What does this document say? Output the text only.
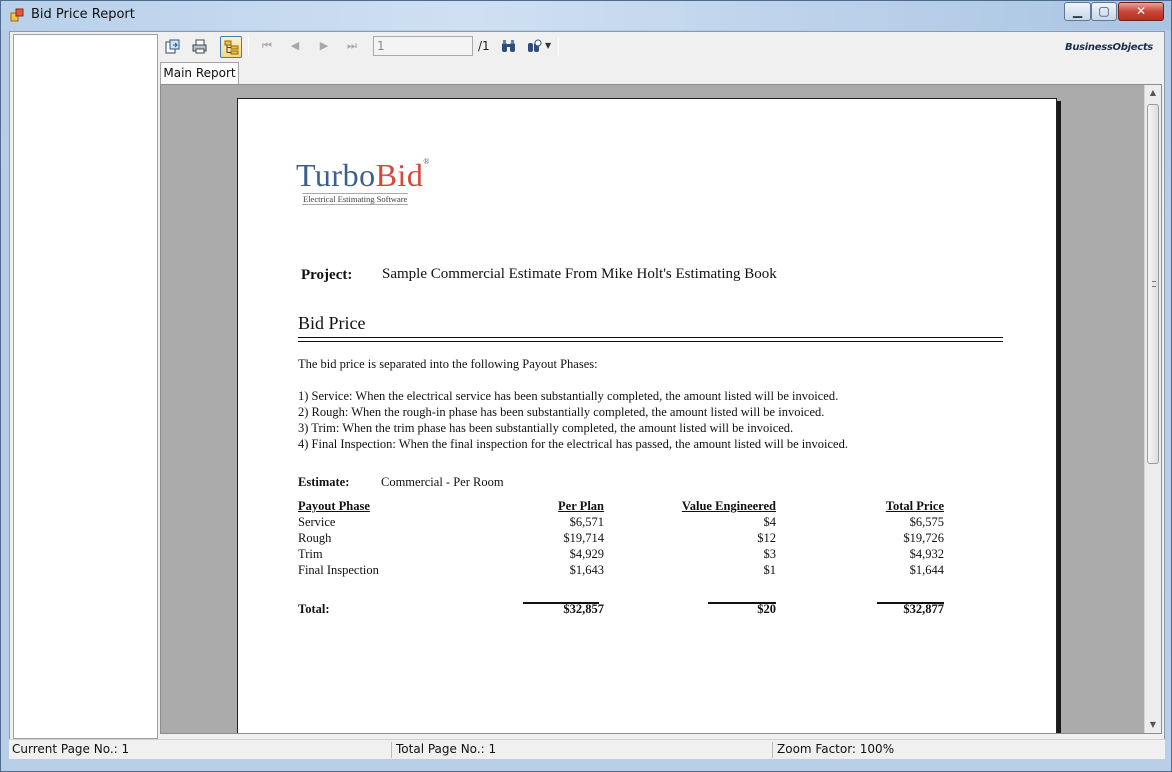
Bid Price Report	▁	▢	✕
⏮ ◀ ▶ ⏭	1	/1	▼	BusinessObjects
Main Report
TurboBid®
Electrical Estimating Software
Project: Sample Commercial Estimate From Mike Holt's Estimating Book
Bid Price
The bid price is separated into the following Payout Phases:
1) Service: When the electrical service has been substantially completed, the amount listed will be invoiced.
2) Rough: When the rough-in phase has been substantially completed, the amount listed will be invoiced.
3) Trim: When the trim phase has been substantially completed, the amount listed will be invoiced.
4) Final Inspection: When the final inspection for the electrical has passed, the amount listed will be invoiced.
Estimate:	Commercial - Per Room
Payout Phase	Per Plan	Value Engineered	Total Price
Service	$6,571	$4	$6,575
Rough	$19,714	$12	$19,726
Trim	$4,929	$3	$4,932
Final Inspection	$1,643	$1	$1,644
Total:	$32,857	$20	$32,877
▲
▼
Current Page No.: 1	Total Page No.: 1	Zoom Factor: 100%
